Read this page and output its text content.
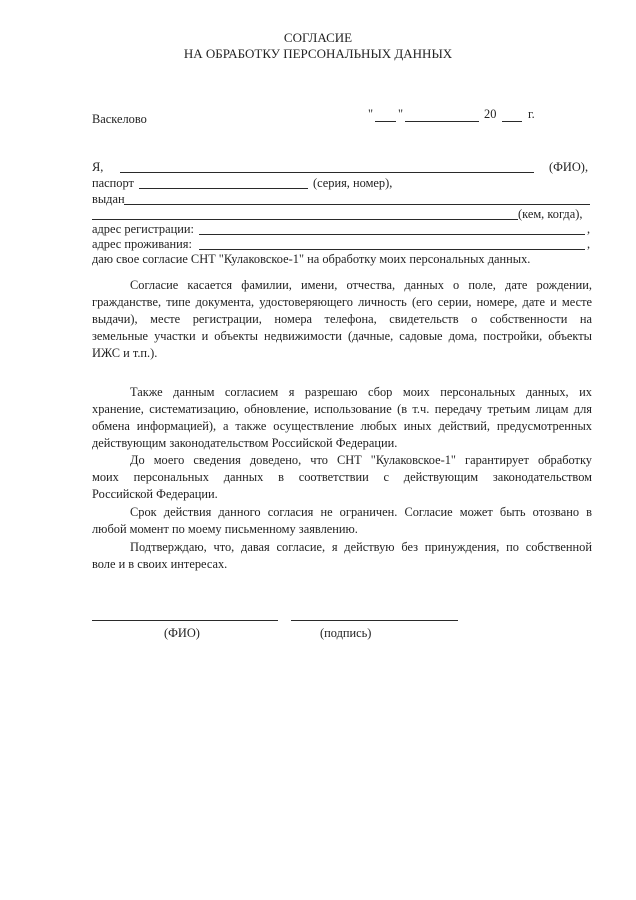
СОГЛАСИЕ
НА ОБРАБОТКУ ПЕРСОНАЛЬНЫХ ДАННЫХ
Васкелово	" "	20	г.
Я,	(ФИО),
паспорт	(серия, номер),
выдан
(кем, когда),
адрес регистрации:	,
адрес проживания:	,
даю свое согласие СНТ "Кулаковское-1" на обработку моих персональных данных.
Согласие касается фамилии, имени, отчества, данных о поле, дате рождении,
гражданстве, типе документа, удостоверяющего личность (его серии, номере, дате и месте
выдачи), месте регистрации, номера телефона, свидетельств о собственности на
земельные участки и объекты недвижимости (дачные, садовые дома, постройки, объекты
ИЖС и т.п.).
Также данным согласием я разрешаю сбор моих персональных данных, их
хранение, систематизацию, обновление, использование (в т.ч. передачу третьим лицам для
обмена информацией), а также осуществление любых иных действий, предусмотренных
действующим законодательством Российской Федерации.
До моего сведения доведено, что СНТ "Кулаковское-1" гарантирует обработку
моих персональных данных в соответствии с действующим законодательством
Российской Федерации.
Срок действия данного согласия не ограничен. Согласие может быть отозвано в
любой момент по моему письменному заявлению.
Подтверждаю, что, давая согласие, я действую без принуждения, по собственной
воле и в своих интересах.
(ФИО)	(подпись)
